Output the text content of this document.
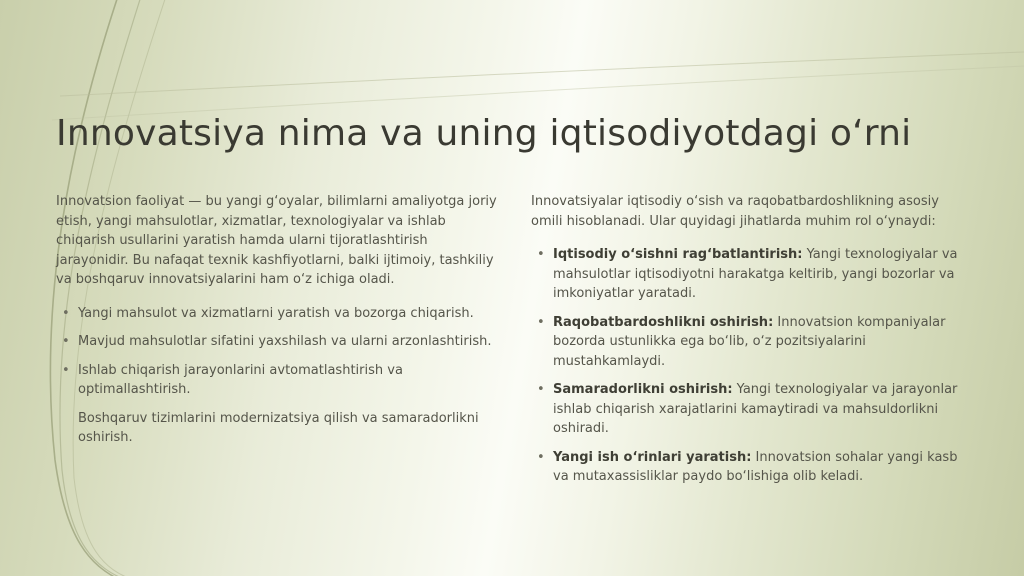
Innovatsiya nima va uning iqtisodiyotdagi o‘rni

Innovatsion faoliyat — bu yangi g‘oyalar, bilimlarni amaliyotga joriy etish, yangi mahsulotlar, xizmatlar, texnologiyalar va ishlab chiqarish usullarini yaratish hamda ularni tijoratlashtirish jarayonidir. Bu nafaqat texnik kashfiyotlarni, balki ijtimoiy, tashkiliy va boshqaruv innovatsiyalarini ham o‘z ichiga oladi.

• Yangi mahsulot va xizmatlarni yaratish va bozorga chiqarish.
• Mavjud mahsulotlar sifatini yaxshilash va ularni arzonlashtirish.
• Ishlab chiqarish jarayonlarini avtomatlashtirish va optimallashtirish.
Boshqaruv tizimlarini modernizatsiya qilish va samaradorlikni oshirish.

Innovatsiyalar iqtisodiy o‘sish va raqobatbardoshlikning asosiy omili hisoblanadi. Ular quyidagi jihatlarda muhim rol o‘ynaydi:

• Iqtisodiy o‘sishni rag‘batlantirish: Yangi texnologiyalar va mahsulotlar iqtisodiyotni harakatga keltirib, yangi bozorlar va imkoniyatlar yaratadi.
• Raqobatbardoshlikni oshirish: Innovatsion kompaniyalar bozorda ustunlikka ega bo‘lib, o‘z pozitsiyalarini mustahkamlaydi.
• Samaradorlikni oshirish: Yangi texnologiyalar va jarayonlar ishlab chiqarish xarajatlarini kamaytiradi va mahsuldorlikni oshiradi.
• Yangi ish o‘rinlari yaratish: Innovatsion sohalar yangi kasb va mutaxassisliklar paydo bo‘lishiga olib keladi.
